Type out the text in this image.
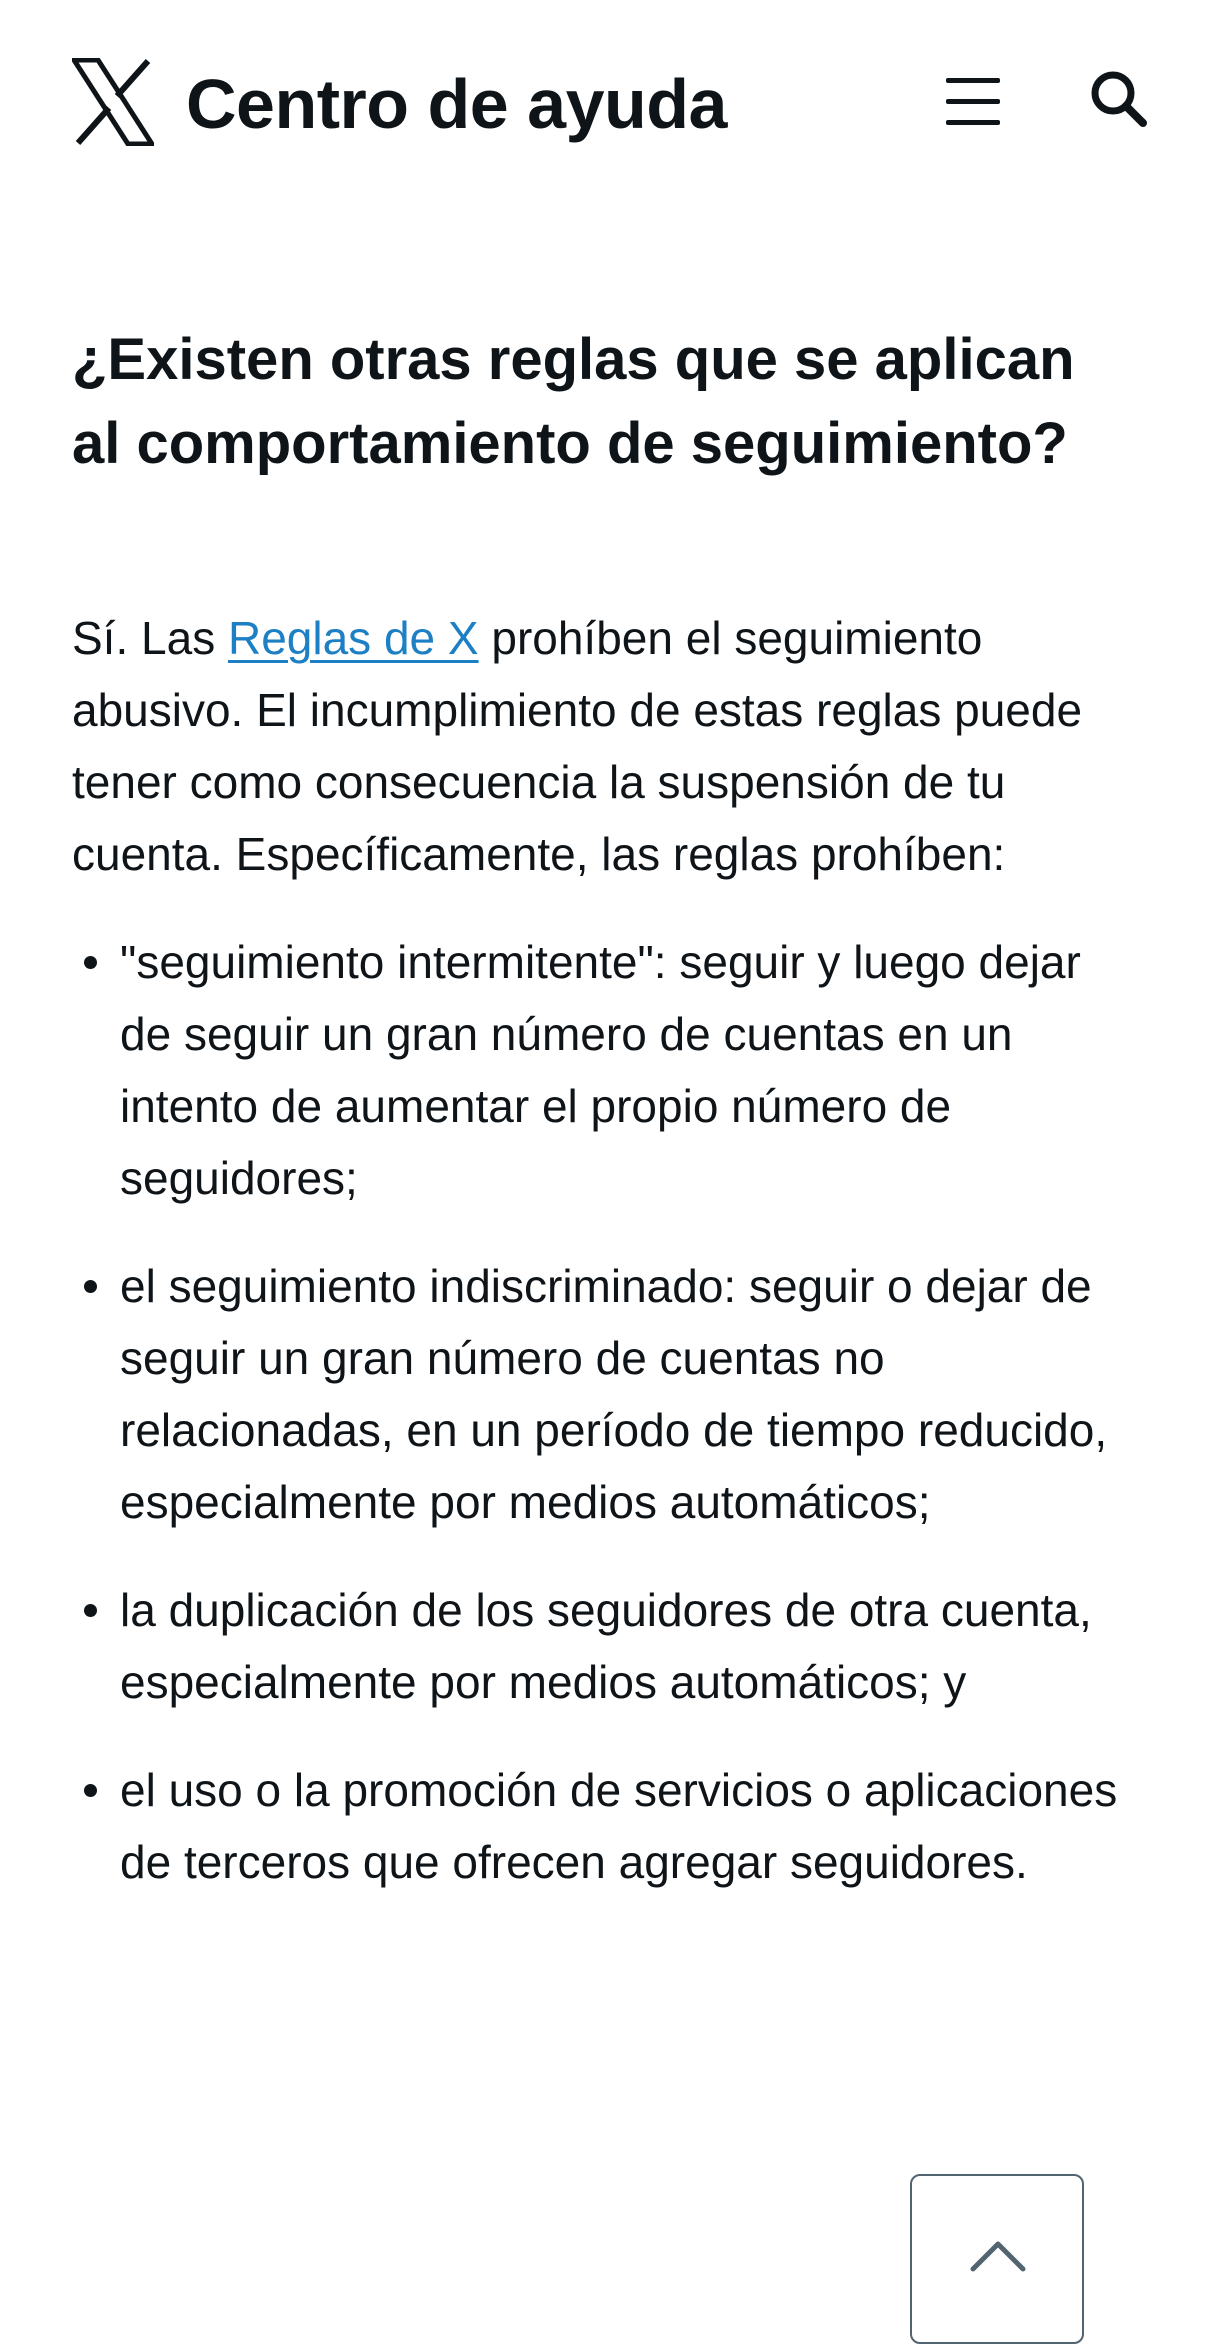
Centro de ayuda
¿Existen otras reglas que se aplican al comportamiento de seguimiento?

Sí. Las Reglas de X prohíben el seguimiento abusivo. El incumplimiento de estas reglas puede tener como consecuencia la suspensión de tu cuenta. Específicamente, las reglas prohíben:

"seguimiento intermitente": seguir y luego dejar de seguir un gran número de cuentas en un intento de aumentar el propio número de seguidores;
el seguimiento indiscriminado: seguir o dejar de seguir un gran número de cuentas no relacionadas, en un período de tiempo reducido, especialmente por medios automáticos;
la duplicación de los seguidores de otra cuenta, especialmente por medios automáticos; y
el uso o la promoción de servicios o aplicaciones de terceros que ofrecen agregar seguidores.
